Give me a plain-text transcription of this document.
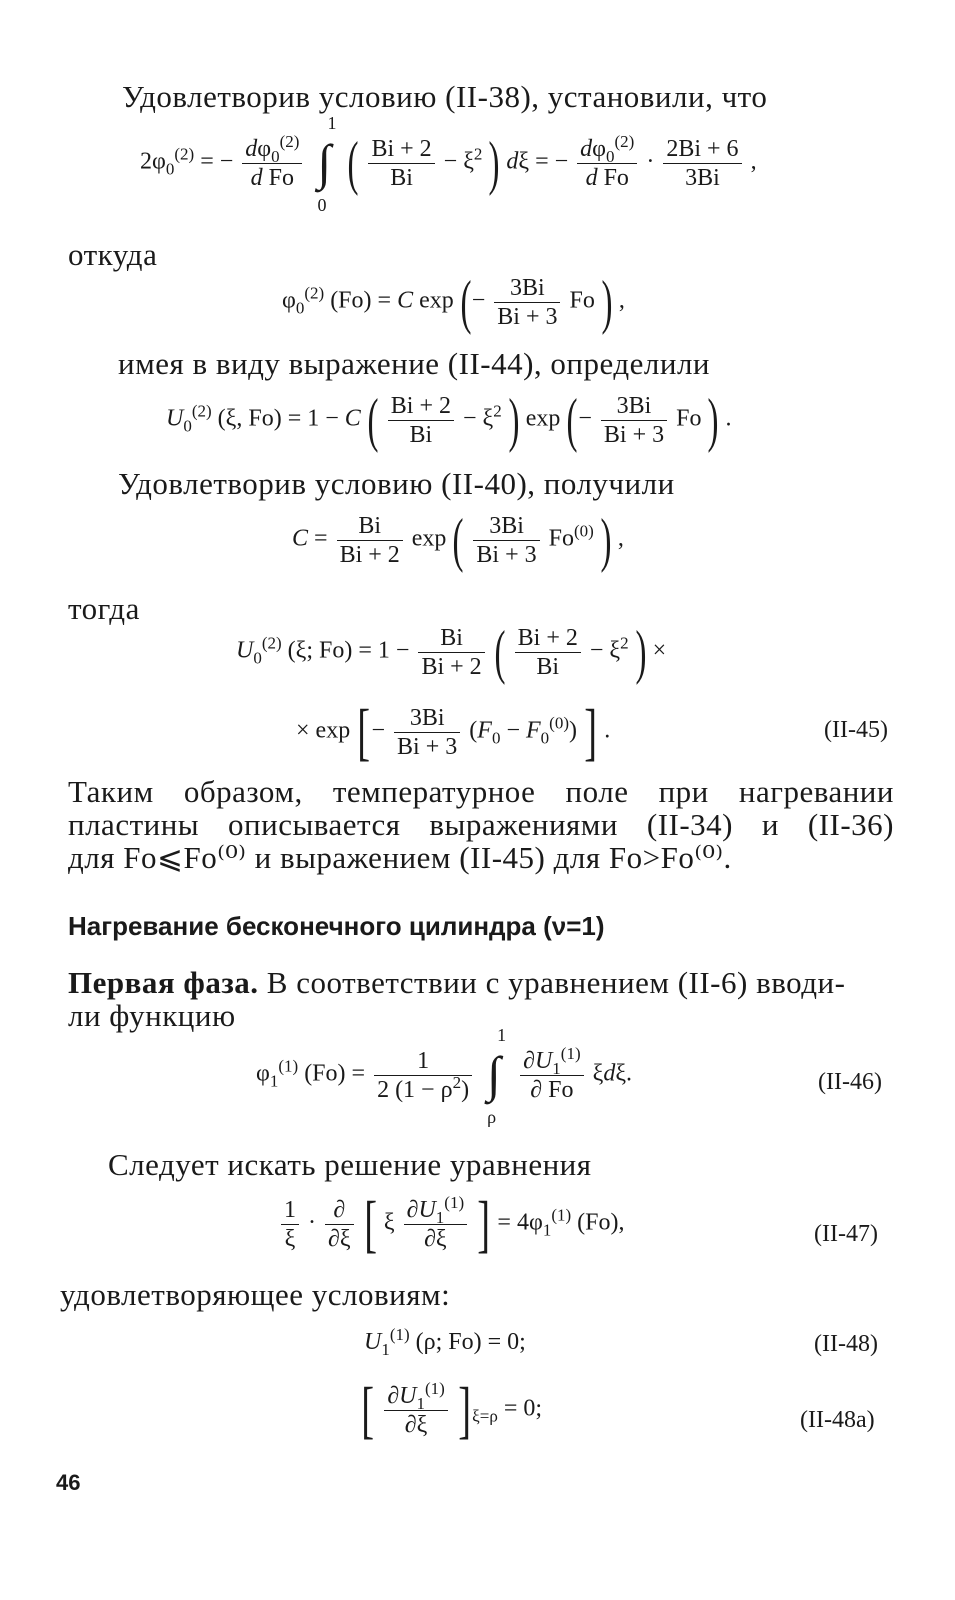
Удовлетворив условию (II-38), установили, что
$2\varphi_0^{(2)}$ = − $\frac{d\varphi_0^{(2)}}{\text{d Fo}}$

1
∫
0
( $\frac{Bi + 2}{Bi} - \xi^2$ ) dξ = − $\frac{d\varphi_0^{(2)}}{\text{d Fo}} \cdot \frac{2Bi + 6}{3Bi}$ ,
откуда
$\varphi_0^{(2)}$ (Fo) = C exp (− $\frac{3Bi}{Bi + 3}$ Fo ) ,
имея в виду выражение (II-44), определили
$U_0^{(2)}$ (ξ, Fo) = 1 − C ( $\frac{Bi + 2}{Bi} - \xi^2$ ) exp (− $\frac{3Bi}{Bi + 3}$ Fo ) .
Удовлетворив условию (II-40), получили
$C = \frac{Bi}{Bi + 2}$ exp ( $\frac{3Bi}{Bi + 3} Fo^{(0)}$ ) ,
тогда
$U_0^{(2)}$ (ξ; $Fo) = 1 - \frac{Bi}{Bi + 2}$ ( $\frac{Bi + 2}{Bi} - \xi^2$ ) ×
× exp [− $\frac{3Bi}{Bi + 3} (F_0 - F_0^{(0)})$ ] .	(II-45)
Таким образом, температурное поле при нагревании
пластины описывается выражениями (II-34) и (II-36)
для Fo⩽Fo⁽⁰⁾ и выражением (II-45) для Fo>Fo⁽⁰⁾.
Нагревание бесконечного цилиндра (ν=1)
Первая фаза. В соответствии с уравнением (II-6) вводи-
ли функцию
$\varphi_1^{(1)}$ $(Fo) = \frac{1}{2 (1 - \rho^2)}$

1
∫
ρ

$\frac{\partial U_1^{(1)}}{\partial Fo} \xi d\xi$.	(II-46)
Следует искать решение уравнения
$\frac{1}{\xi} \cdot \frac{\partial}{\partial\xi}$ [ ξ $\frac{\partial U_1^{(1)}}{\partial\xi}$ ] = $4\varphi_1^{(1)}$ (Fo),	(II-47)
удовлетворяющее условиям:
$U_1^{(1)}$ (ρ; Fo) = 0;	(II-48)
[ $\frac{\partial U_1^{(1)}}{\partial\xi} ]_{\xi=\rho} = 0$;	(II-48a)
46
